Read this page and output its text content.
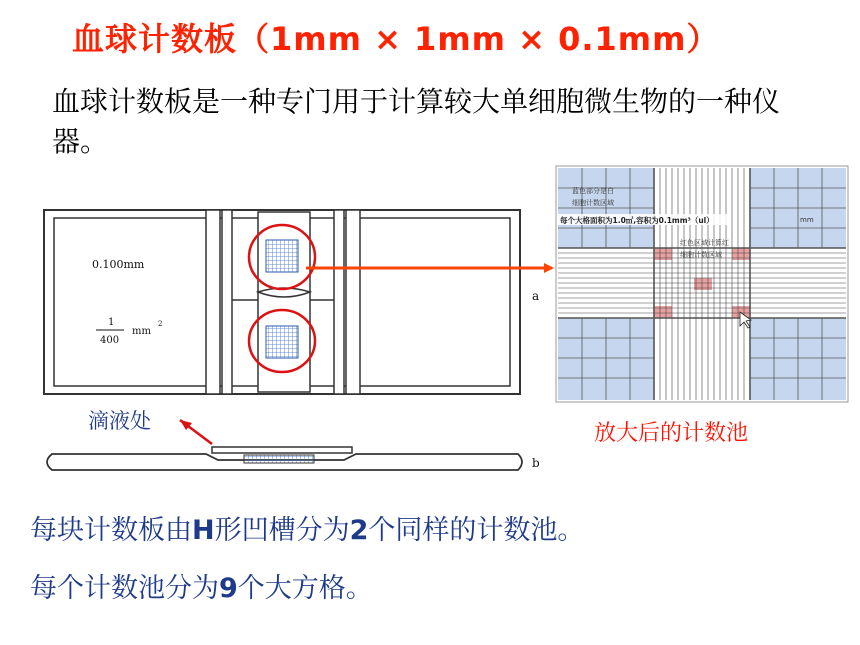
血球计数板（1mm × 1mm × 0.1mm）
血球计数板是一种专门用于计算较大单细胞微生物的一种仪器。
0.100mm
1
400
mm
2
a
b
滴液处
蓝色部分是白
细胞计数区域
每个大格面积为1.0㎡,容积为0.1mm³（ul）
红色区域计算红
细胞计数区域
mm
放大后的计数池
每块计数板由H形凹槽分为2个同样的计数池。
每个计数池分为9个大方格。
